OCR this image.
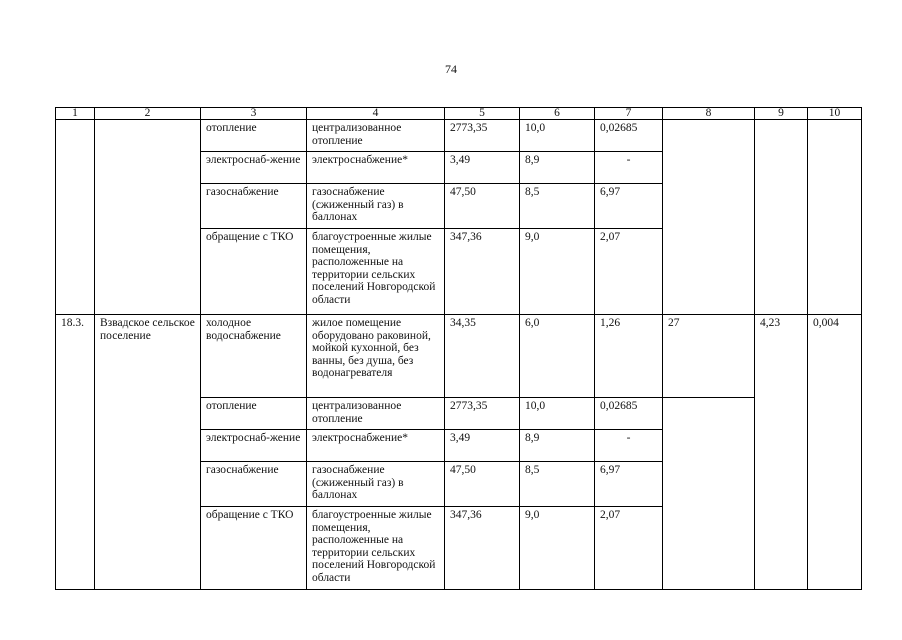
74
1	2	3	4	5	6	7	8	9	10
		отопление	централизованное отопление	2773,35	10,0	0,02685			
		электроснаб-жение	электроснабжение*	3,49	8,9	-			
		газоснабжение	газоснабжение (сжиженный газ) в баллонах	47,50	8,5	6,97			
		обращение с ТКО	благоустроенные жилые помещения, расположенные на территории сельских поселений Новгородской области	347,36	9,0	2,07			
18.3.	Взвадское сельское поселение	холодное водоснабжение	жилое помещение оборудовано раковиной, мойкой кухонной, без ванны, без душа, без водонагревателя	34,35	6,0	1,26	27	4,23	0,004
		отопление	централизованное отопление	2773,35	10,0	0,02685			
		электроснаб-жение	электроснабжение*	3,49	8,9	-			
		газоснабжение	газоснабжение (сжиженный газ) в баллонах	47,50	8,5	6,97			
		обращение с ТКО	благоустроенные жилые помещения, расположенные на территории сельских поселений Новгородской области	347,36	9,0	2,07			
